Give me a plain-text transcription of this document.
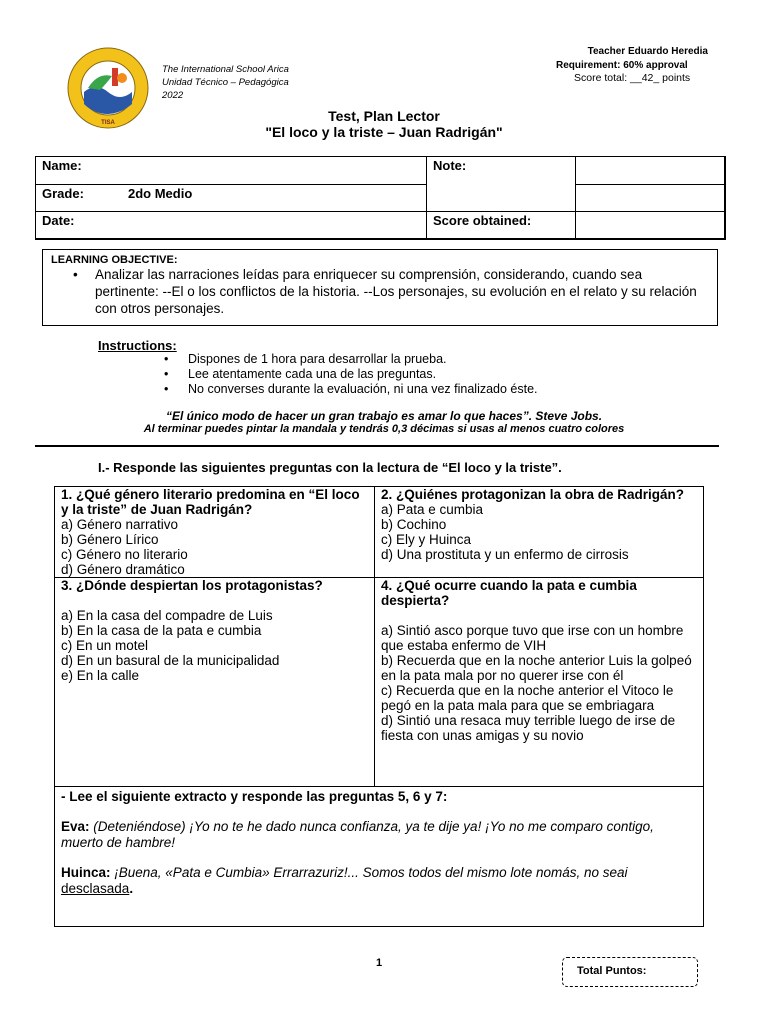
TISA
The International School Arica
Unidad Técnico – Pedagógica
2022
Teacher Eduardo Heredia
Requirement: 60% approval
Score total: __42_ points
Test, Plan Lector
"El loco y la triste – Juan Radrigán"
Name:
Grade:	2do Medio
Date:
Note:
Score obtained:
LEARNING OBJECTIVE:
• Analizar las narraciones leídas para enriquecer su comprensión, considerando, cuando sea pertinente: --El o los conflictos de la historia. --Los personajes, su evolución en el relato y su relación con otros personajes.
Instructions:
• Dispones de 1 hora para desarrollar la prueba.
• Lee atentamente cada una de las preguntas.
• No converses durante la evaluación, ni una vez finalizado éste.
“El único modo de hacer un gran trabajo es amar lo que haces”. Steve Jobs.
Al terminar puedes pintar la mandala y tendrás 0,3 décimas si usas al menos cuatro colores
I.- Responde las siguientes preguntas con la lectura de “El loco y la triste”.
1. ¿Qué género literario predomina en “El loco y la triste” de Juan Radrigán?
a) Género narrativo
b) Género Lírico
c) Género no literario
d) Género dramático
2. ¿Quiénes protagonizan la obra de Radrigán?
a) Pata e cumbia
b) Cochino
c) Ely y Huinca
d) Una prostituta y un enfermo de cirrosis
3. ¿Dónde despiertan los protagonistas?
a) En la casa del compadre de Luis
b) En la casa de la pata e cumbia
c) En un motel
d) En un basural de la municipalidad
e) En la calle
4. ¿Qué ocurre cuando la pata e cumbia despierta?
a) Sintió asco porque tuvo que irse con un hombre que estaba enfermo de VIH
b) Recuerda que en la noche anterior Luis la golpeó en la pata mala por no querer irse con él
c) Recuerda que en la noche anterior el Vitoco le pegó en la pata mala para que se embriagara
d) Sintió una resaca muy terrible luego de irse de fiesta con unas amigas y su novio
- Lee el siguiente extracto y responde las preguntas 5, 6 y 7:
Eva: (Deteniéndose) ¡Yo no te he dado nunca confianza, ya te dije ya! ¡Yo no me comparo contigo, muerto de hambre!
Huinca: ¡Buena, «Pata e Cumbia» Errarrazuriz!... Somos todos del mismo lote nomás, no seai desclasada.
1
Total Puntos:
